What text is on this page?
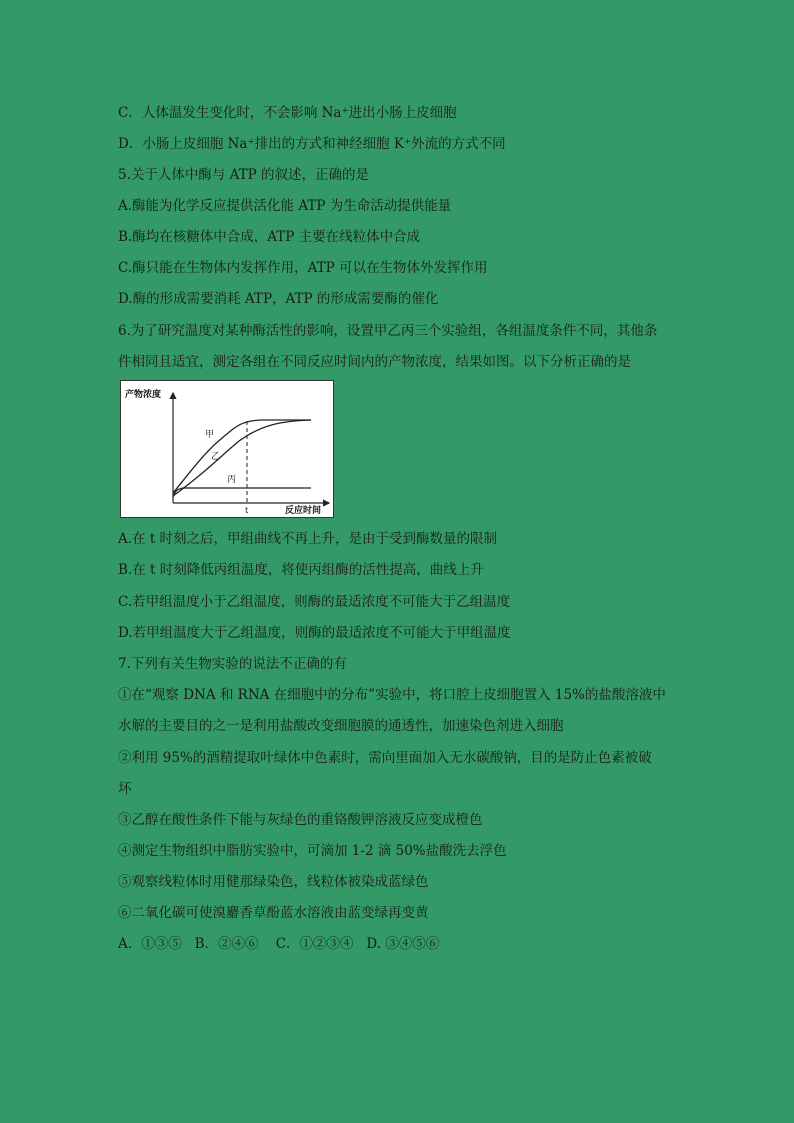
C．人体温发生变化时，不会影响 Na⁺进出小肠上皮细胞
D．小肠上皮细胞 Na⁺排出的方式和神经细胞 K⁺外流的方式不同
5.关于人体中酶与 ATP 的叙述，正确的是
A.酶能为化学反应提供活化能 ATP 为生命活动提供能量
B.酶均在核糖体中合成，ATP 主要在线粒体中合成
C.酶只能在生物体内发挥作用，ATP 可以在生物体外发挥作用
D.酶的形成需要消耗 ATP，ATP 的形成需要酶的催化
6.为了研究温度对某种酶活性的影响，设置甲乙丙三个实验组，各组温度条件不同，其他条
件相同且适宜，测定各组在不同反应时间内的产物浓度，结果如图。以下分析正确的是
产物浓度
反应时间
t
甲
乙
丙
A.在 t 时刻之后，甲组曲线不再上升，是由于受到酶数量的限制
B.在 t 时刻降低丙组温度，将使丙组酶的活性提高，曲线上升
C.若甲组温度小于乙组温度，则酶的最适浓度不可能大于乙组温度
D.若甲组温度大于乙组温度，则酶的最适浓度不可能大于甲组温度
7.下列有关生物实验的说法不正确的有
①在“观察 DNA 和 RNA 在细胞中的分布”实验中，将口腔上皮细胞置入 15%的盐酸溶液中
水解的主要目的之一是利用盐酸改变细胞膜的通透性，加速染色剂进入细胞
②利用 95%的酒精提取叶绿体中色素时，需向里面加入无水碳酸钠，目的是防止色素被破
坏
③乙醇在酸性条件下能与灰绿色的重铬酸钾溶液反应变成橙色
④测定生物组织中脂肪实验中，可滴加 1-2 滴 50%盐酸洗去浮色
⑤观察线粒体时用健那绿染色，线粒体被染成蓝绿色
⑥二氧化碳可使溴麝香草酚蓝水溶液由蓝变绿再变黄
A．①③⑤   B．②④⑥    C．①②③④   D. ③④⑤⑥
